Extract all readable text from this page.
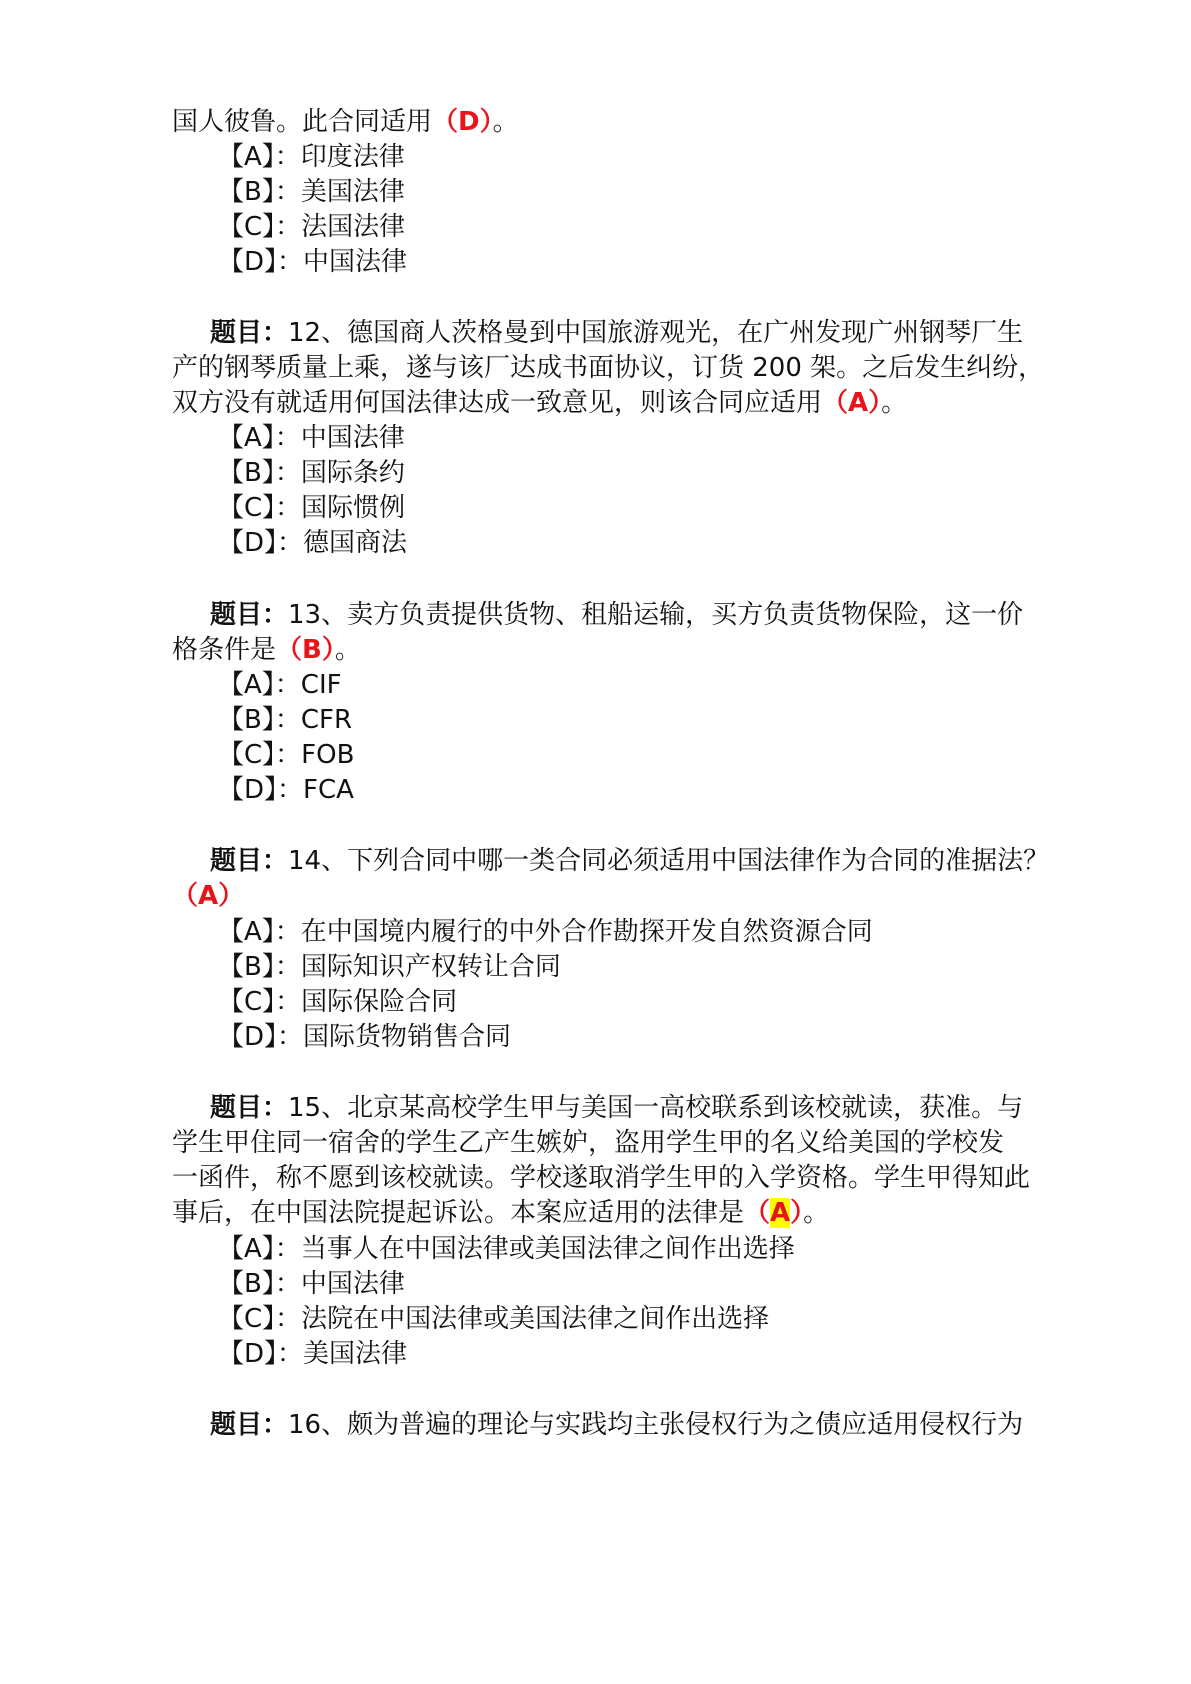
国人彼鲁。此合同适用（D）。
【A】：印度法律
【B】：美国法律
【C】：法国法律
【D】：中国法律
题目：12、德国商人茨格曼到中国旅游观光，在广州发现广州钢琴厂生
产的钢琴质量上乘，遂与该厂达成书面协议，订货 200 架。之后发生纠纷，
双方没有就适用何国法律达成一致意见，则该合同应适用（A）。
【A】：中国法律
【B】：国际条约
【C】：国际惯例
【D】：德国商法
题目：13、卖方负责提供货物、租船运输，买方负责货物保险，这一价
格条件是（B）。
【A】：CIF
【B】：CFR
【C】：FOB
【D】：FCA
题目：14、下列合同中哪一类合同必须适用中国法律作为合同的准据法？
（A）
【A】：在中国境内履行的中外合作勘探开发自然资源合同
【B】：国际知识产权转让合同
【C】：国际保险合同
【D】：国际货物销售合同
题目：15、北京某高校学生甲与美国一高校联系到该校就读，获准。与
学生甲住同一宿舍的学生乙产生嫉妒，盗用学生甲的名义给美国的学校发
一函件，称不愿到该校就读。学校遂取消学生甲的入学资格。学生甲得知此
事后，在中国法院提起诉讼。本案应适用的法律是（A）。
【A】：当事人在中国法律或美国法律之间作出选择
【B】：中国法律
【C】：法院在中国法律或美国法律之间作出选择
【D】：美国法律
题目：16、颇为普遍的理论与实践均主张侵权行为之债应适用侵权行为
